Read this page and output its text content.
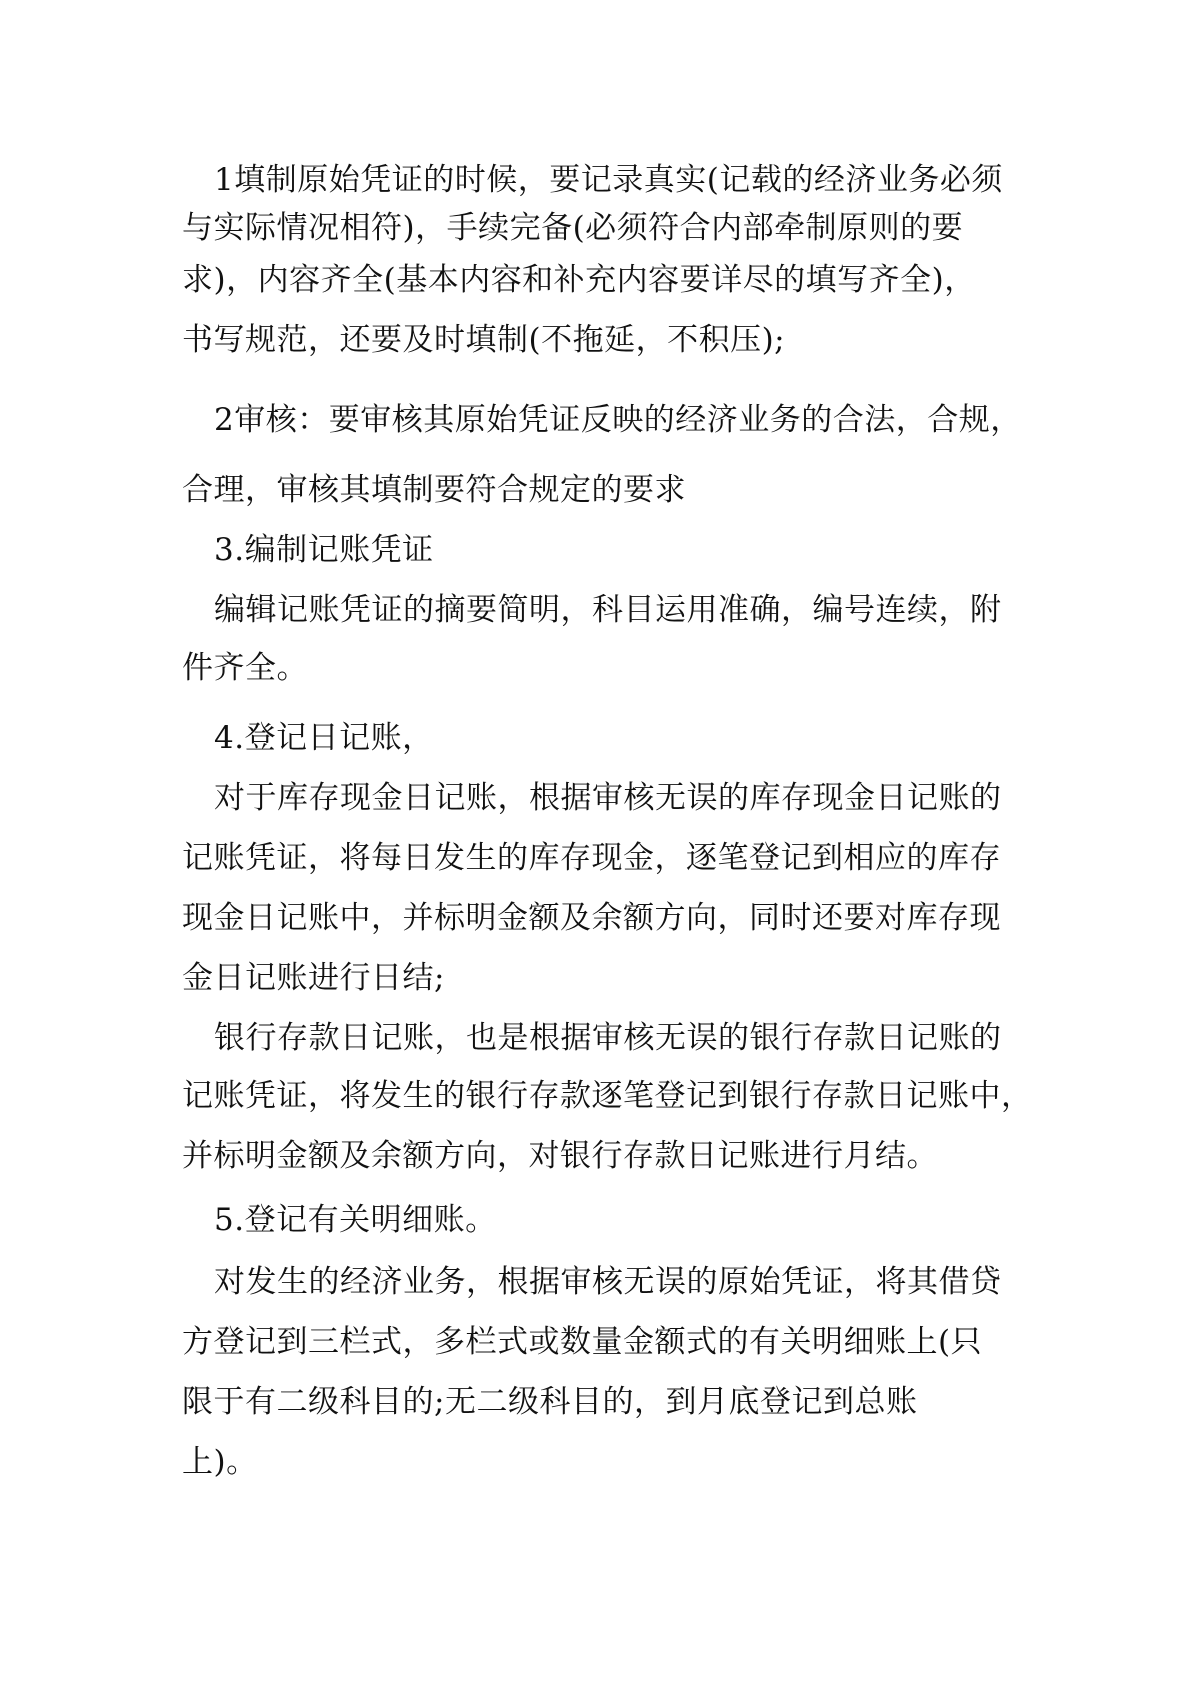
1填制原始凭证的时候，要记录真实(记载的经济业务必须

与实际情况相符)，手续完备(必须符合内部牵制原则的要

求)，内容齐全(基本内容和补充内容要详尽的填写齐全)，

书写规范，还要及时填制(不拖延，不积压);

2审核：要审核其原始凭证反映的经济业务的合法，合规，

合理，审核其填制要符合规定的要求

3.编制记账凭证

编辑记账凭证的摘要简明，科目运用准确，编号连续，附

件齐全。

4.登记日记账，

对于库存现金日记账，根据审核无误的库存现金日记账的

记账凭证，将每日发生的库存现金，逐笔登记到相应的库存

现金日记账中，并标明金额及余额方向，同时还要对库存现

金日记账进行日结;

银行存款日记账，也是根据审核无误的银行存款日记账的

记账凭证，将发生的银行存款逐笔登记到银行存款日记账中，

并标明金额及余额方向，对银行存款日记账进行月结。

5.登记有关明细账。

对发生的经济业务，根据审核无误的原始凭证，将其借贷

方登记到三栏式，多栏式或数量金额式的有关明细账上(只

限于有二级科目的;无二级科目的，到月底登记到总账

上)。
